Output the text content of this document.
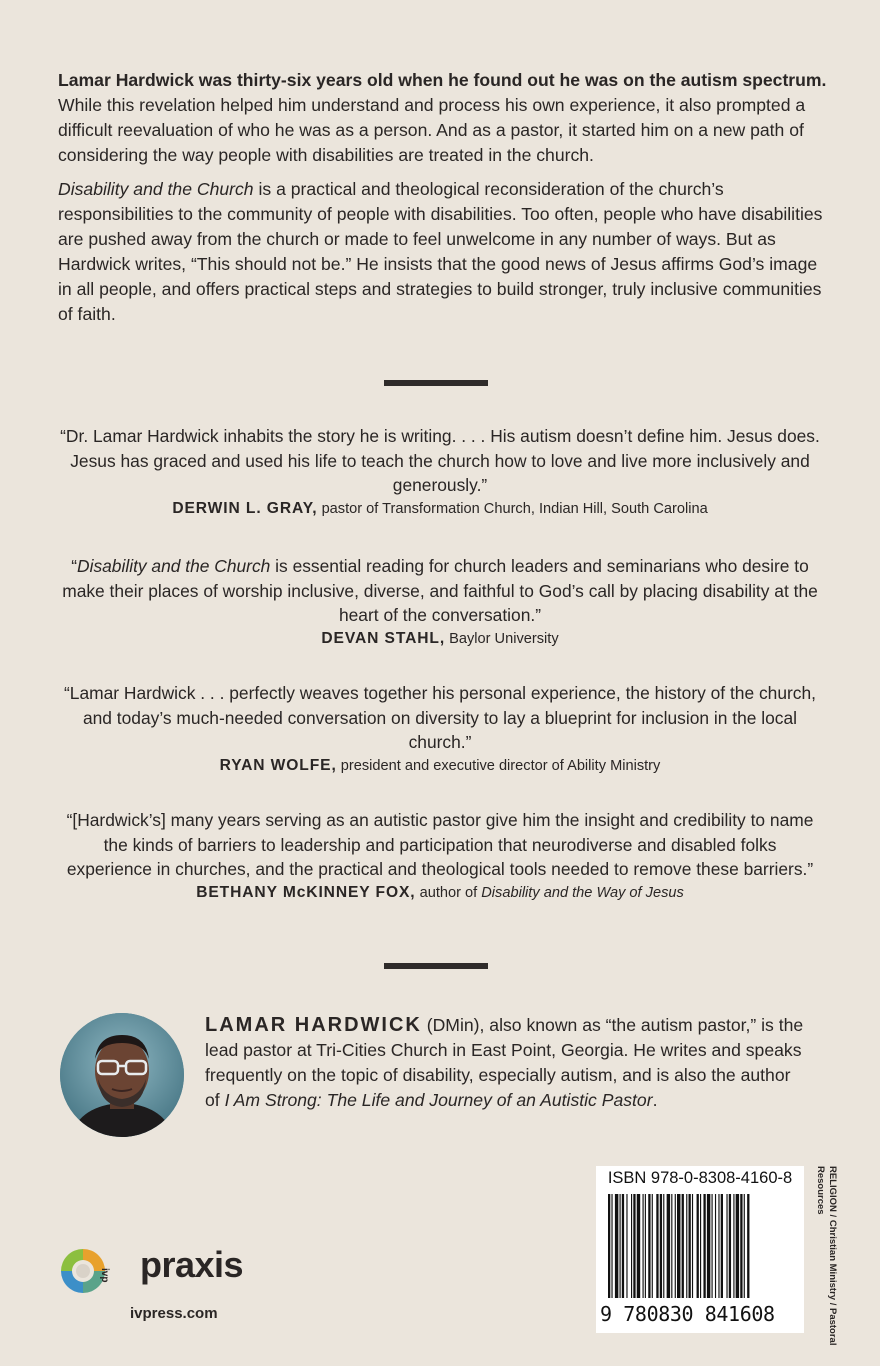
Lamar Hardwick was thirty-six years old when he found out he was on the autism spectrum. While this revelation helped him understand and process his own experience, it also prompted a difficult reevaluation of who he was as a person. And as a pastor, it started him on a new path of considering the way people with disabilities are treated in the church.

Disability and the Church is a practical and theological reconsideration of the church’s responsibilities to the community of people with disabilities. Too often, people who have disabilities are pushed away from the church or made to feel unwelcome in any number of ways. But as Hardwick writes, “This should not be.” He insists that the good news of Jesus affirms God’s image in all people, and offers practical steps and strategies to build stronger, truly inclusive communities of faith.

“Dr. Lamar Hardwick inhabits the story he is writing. . . . His autism doesn’t define him. Jesus does. Jesus has graced and used his life to teach the church how to love and live more inclusively and generously.”
DERWIN L. GRAY, pastor of Transformation Church, Indian Hill, South Carolina
“Disability and the Church is essential reading for church leaders and seminarians who desire to make their places of worship inclusive, diverse, and faithful to God’s call by placing disability at the heart of the conversation.”
DEVAN STAHL, Baylor University
“Lamar Hardwick . . . perfectly weaves together his personal experience, the history of the church, and today’s much-needed conversation on diversity to lay a blueprint for inclusion in the local church.”
RYAN WOLFE, president and executive director of Ability Ministry
“[Hardwick’s] many years serving as an autistic pastor give him the insight and credibility to name the kinds of barriers to leadership and participation that neurodiverse and disabled folks experience in churches, and the practical and theological tools needed to remove these barriers.”
BETHANY McKINNEY FOX, author of Disability and the Way of Jesus
LAMAR HARDWICK (DMin), also known as “the autism pastor,” is the lead pastor at Tri-Cities Church in East Point, Georgia. He writes and speaks frequently on the topic of disability, especially autism, and is also the author of I Am Strong: The Life and Journey of an Autistic Pastor.
ivp praxis
ivpress.com
ISBN 978-0-8308-4160-8
9 780830 841608	RELIGION / Christian Ministry / Pastoral Resources
